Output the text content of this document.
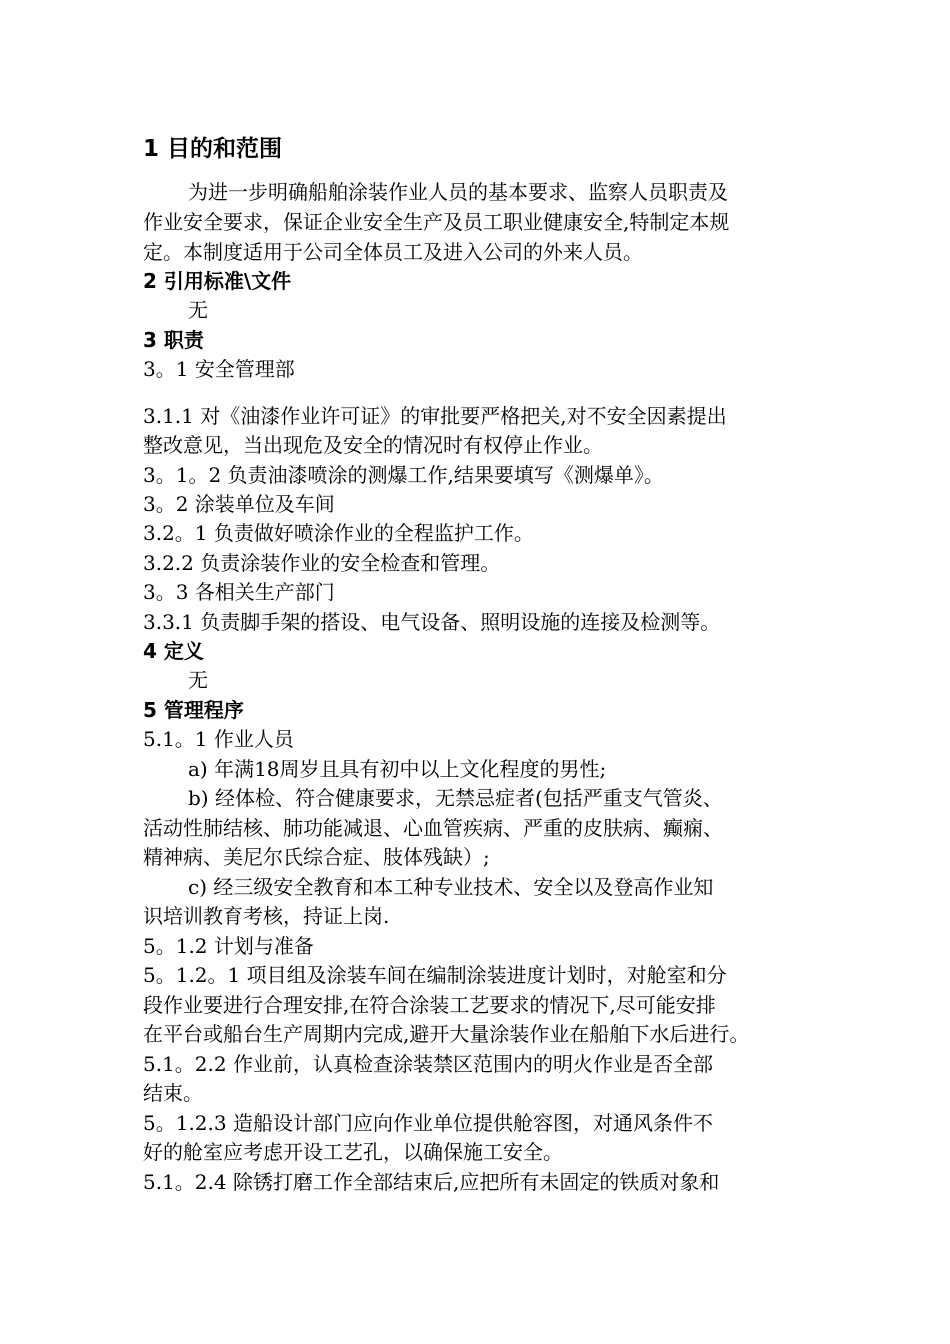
1 目的和范围
为进一步明确船舶涂装作业人员的基本要求、监察人员职责及
作业安全要求，保证企业安全生产及员工职业健康安全,特制定本规
定。本制度适用于公司全体员工及进入公司的外来人员。
2 引用标准\文件
无
3 职责
3。1 安全管理部
3.1.1 对《油漆作业许可证》的审批要严格把关,对不安全因素提出
整改意见，当出现危及安全的情况时有权停止作业。
3。1。2 负责油漆喷涂的测爆工作,结果要填写《测爆单》。
3。2 涂装单位及车间
3.2。1 负责做好喷涂作业的全程监护工作。
3.2.2 负责涂装作业的安全检查和管理。
3。3 各相关生产部门
3.3.1 负责脚手架的搭设、电气设备、照明设施的连接及检测等。
4 定义
无
5 管理程序
5.1。1 作业人员
a) 年满18周岁且具有初中以上文化程度的男性;
b) 经体检、符合健康要求，无禁忌症者(包括严重支气管炎、
活动性肺结核、肺功能减退、心血管疾病、严重的皮肤病、癫痫、
精神病、美尼尔氏综合症、肢体残缺）;
c) 经三级安全教育和本工种专业技术、安全以及登高作业知
识培训教育考核，持证上岗.
5。1.2 计划与准备
5。1.2。1 项目组及涂装车间在编制涂装进度计划时，对舱室和分
段作业要进行合理安排,在符合涂装工艺要求的情况下,尽可能安排
在平台或船台生产周期内完成,避开大量涂装作业在船舶下水后进行。
5.1。2.2 作业前，认真检查涂装禁区范围内的明火作业是否全部
结束。
5。1.2.3 造船设计部门应向作业单位提供舱容图，对通风条件不
好的舱室应考虑开设工艺孔，以确保施工安全。
5.1。2.4 除锈打磨工作全部结束后,应把所有未固定的铁质对象和
